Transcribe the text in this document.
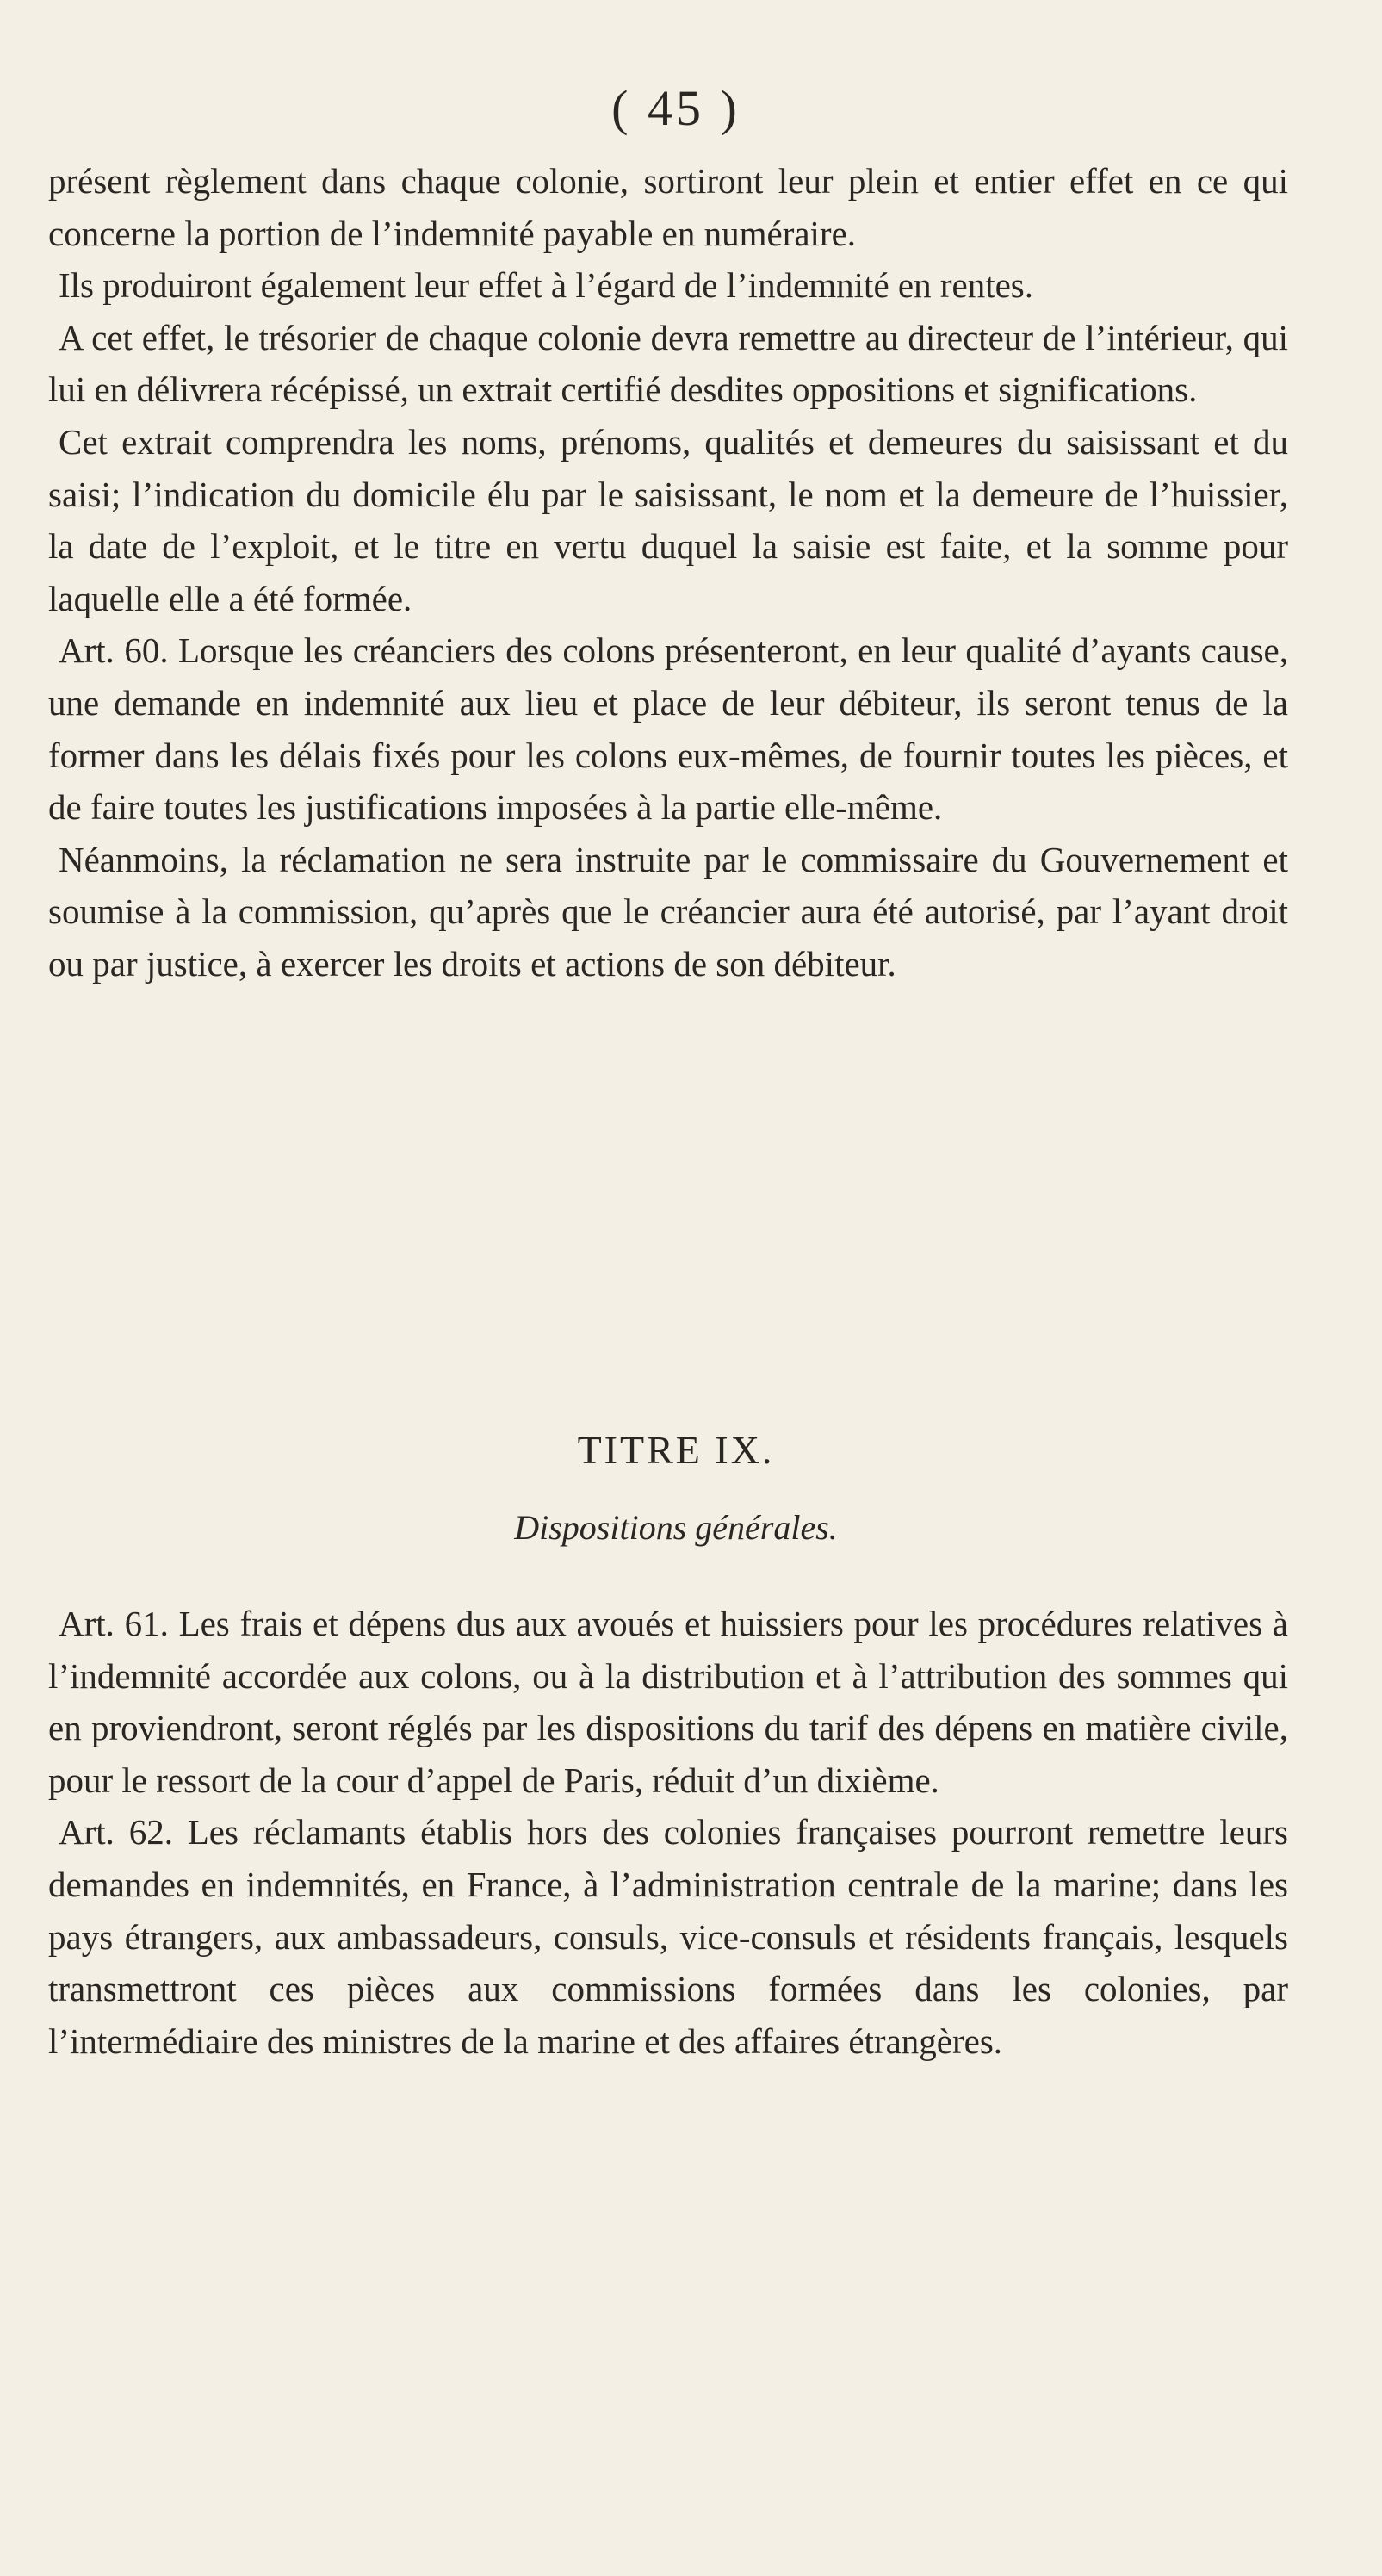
( 45 )

présent règlement dans chaque colonie, sortiront leur plein et entier effet en ce qui concerne la portion de l’indemnité payable en numéraire.

Ils produiront également leur effet à l’égard de l’indemnité en rentes.

A cet effet, le trésorier de chaque colonie devra remettre au directeur de l’intérieur, qui lui en délivrera récépissé, un extrait certifié desdites oppositions et significations.

Cet extrait comprendra les noms, prénoms, qualités et demeures du saisissant et du saisi; l’indication du domicile élu par le saisissant, le nom et la demeure de l’huissier, la date de l’exploit, et le titre en vertu duquel la saisie est faite, et la somme pour laquelle elle a été formée.

Art. 60. Lorsque les créanciers des colons présenteront, en leur qualité d’ayants cause, une demande en indemnité aux lieu et place de leur débiteur, ils seront tenus de la former dans les délais fixés pour les colons eux-mêmes, de fournir toutes les pièces, et de faire toutes les justifications imposées à la partie elle-même.

Néanmoins, la réclamation ne sera instruite par le commissaire du Gouvernement et soumise à la commission, qu’après que le créancier aura été autorisé, par l’ayant droit ou par justice, à exercer les droits et actions de son débiteur.

TITRE IX.
Dispositions générales.

Art. 61. Les frais et dépens dus aux avoués et huissiers pour les procédures relatives à l’indemnité accordée aux colons, ou à la distribution et à l’attribution des sommes qui en proviendront, seront réglés par les dispositions du tarif des dépens en matière civile, pour le ressort de la cour d’appel de Paris, réduit d’un dixième.

Art. 62. Les réclamants établis hors des colonies françaises pourront remettre leurs demandes en indemnités, en France, à l’administration centrale de la marine; dans les pays étrangers, aux ambassadeurs, consuls, vice-consuls et résidents français, lesquels transmettront ces pièces aux commissions formées dans les colonies, par l’intermédiaire des ministres de la marine et des affaires étrangères.
